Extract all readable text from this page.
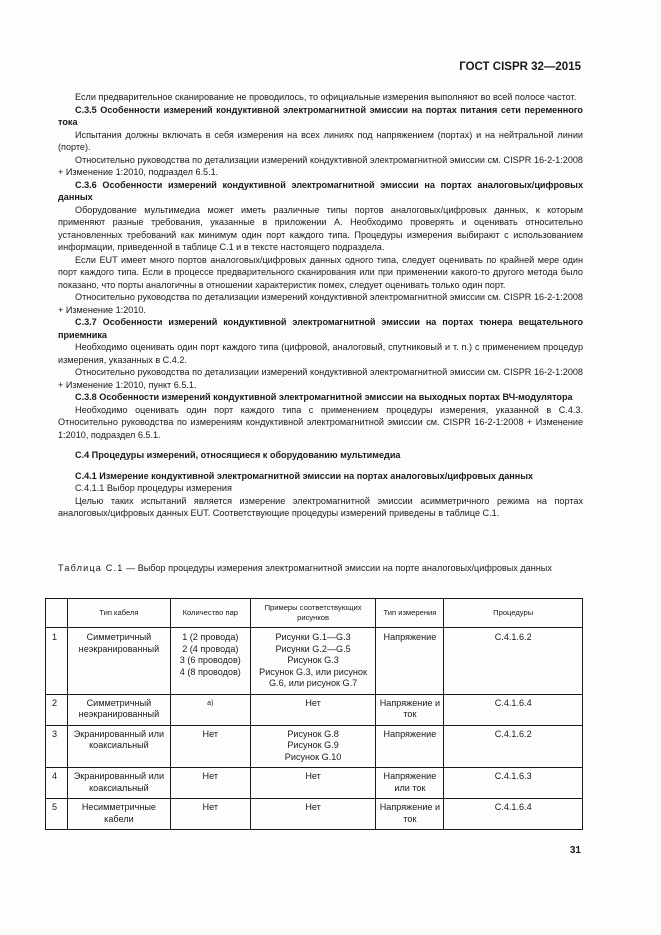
ГОСТ CISPR 32—2015

Если предварительное сканирование не проводилось, то официальные измерения выполняют во всей полосе частот.

С.3.5 Особенности измерений кондуктивной электромагнитной эмиссии на портах питания сети переменного тока

Испытания должны включать в себя измерения на всех линиях под напряжением (портах) и на нейтральной линии (порте).

Относительно руководства по детализации измерений кондуктивной электромагнитной эмиссии см. CISPR 16-2-1:2008 + Изменение 1:2010, подраздел 6.5.1.

С.3.6 Особенности измерений кондуктивной электромагнитной эмиссии на портах аналоговых/цифровых данных

Оборудование мультимедиа может иметь различные типы портов аналоговых/цифровых данных, к которым применяют разные требования, указанные в приложении А. Необходимо проверять и оценивать относительно установленных требований как минимум один порт каждого типа. Процедуры измерения выбирают с использованием информации, приведенной в таблице С.1 и в тексте настоящего подраздела.

Если EUT имеет много портов аналоговых/цифровых данных одного типа, следует оценивать по крайней мере один порт каждого типа. Если в процессе предварительного сканирования или при применении какого-то другого метода было показано, что порты аналогичны в отношении характеристик помех, следует оценивать только один порт.

Относительно руководства по детализации измерений кондуктивной электромагнитной эмиссии см. CISPR 16-2-1:2008 + Изменение 1:2010.

С.3.7 Особенности измерений кондуктивной электромагнитной эмиссии на портах тюнера вещательного приемника

Необходимо оценивать один порт каждого типа (цифровой, аналоговый, спутниковый и т. п.) с применением процедур измерения, указанных в С.4.2.

Относительно руководства по детализации измерений кондуктивной электромагнитной эмиссии см. CISPR 16-2-1:2008 + Изменение 1:2010, пункт 6.5.1.

С.3.8 Особенности измерений кондуктивной электромагнитной эмиссии на выходных портах ВЧ-модулятора

Необходимо оценивать один порт каждого типа с применением процедуры измерения, указанной в С.4.3. Относительно руководства по измерениям кондуктивной электромагнитной эмиссии см. CISPR 16-2-1:2008 + Изменение 1:2010, подраздел 6.5.1.

С.4 Процедуры измерений, относящиеся к оборудованию мультимедиа

С.4.1 Измерение кондуктивной электромагнитной эмиссии на портах аналоговых/цифровых данных

С.4.1.1 Выбор процедуры измерения

Целью таких испытаний является измерение электромагнитной эмиссии асимметричного режима на портах аналоговых/цифровых данных EUT. Соответствующие процедуры измерений приведены в таблице С.1.

Таблица С.1 — Выбор процедуры измерения электромагнитной эмиссии на порте аналоговых/цифровых данных
	Тип кабеля	Количество пар	Примеры соответствующих рисунков	Тип измерения	Процедуры
1	Симметричный неэкранированный	1 (2 провода)
2 (4 провода)
3 (6 проводов)
4 (8 проводов)	Рисунки G.1—G.3
Рисунки G.2—G.5
Рисунок G.3
Рисунок G.3, или рисунок G.6, или рисунок G.7	Напряжение	С.4.1.6.2
2	Симметричный неэкранированный	а)	Нет	Напряжение и ток	С.4.1.6.4
3	Экранированный или коаксиальный	Нет	Рисунок G.8
Рисунок G.9
Рисунок G.10	Напряжение	С.4.1.6.2
4	Экранированный или коаксиальный	Нет	Нет	Напряжение или ток	С.4.1.6.3
5	Несимметричные кабели	Нет	Нет	Напряжение и ток	С.4.1.6.4
31
